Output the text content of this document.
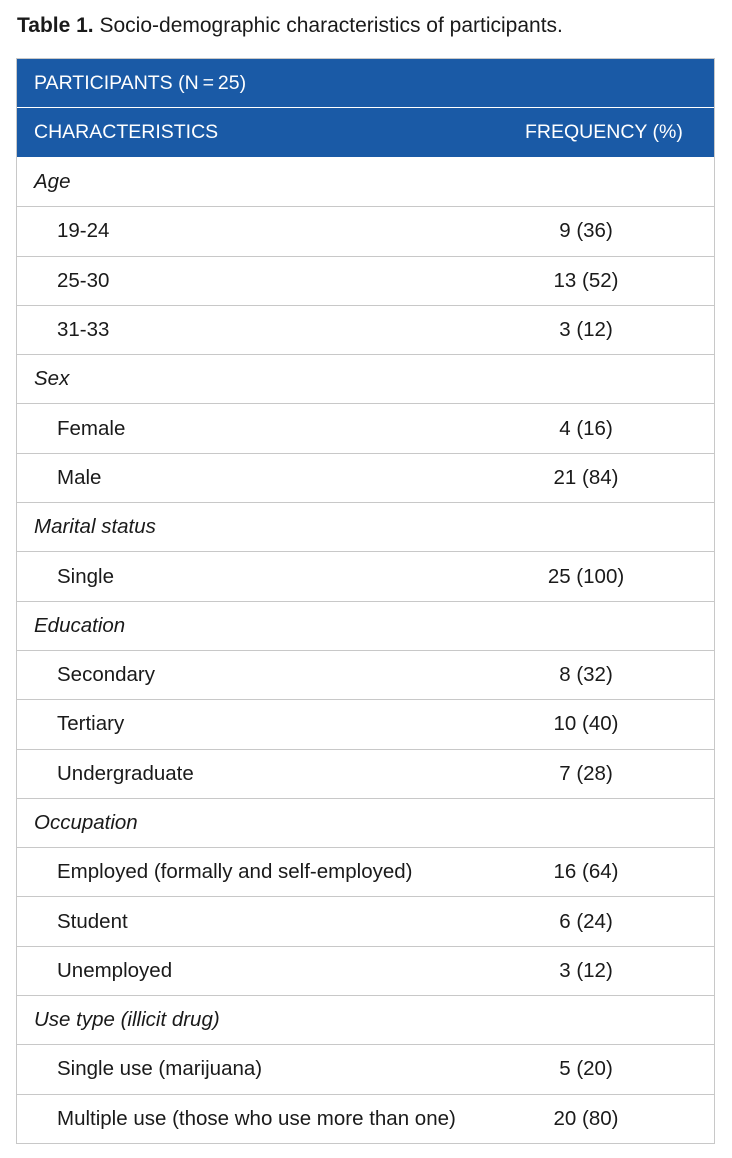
Table 1. Socio-demographic characteristics of participants.
PARTICIPANTS (N = 25)
CHARACTERISTICS	FREQUENCY (%)
Age
19-24	9 (36)
25-30	13 (52)
31-33	3 (12)
Sex
Female	4 (16)
Male	21 (84)
Marital status
Single	25 (100)
Education
Secondary	8 (32)
Tertiary	10 (40)
Undergraduate	7 (28)
Occupation
Employed (formally and self-employed)	16 (64)
Student	6 (24)
Unemployed	3 (12)
Use type (illicit drug)
Single use (marijuana)	5 (20)
Multiple use (those who use more than one)	20 (80)
